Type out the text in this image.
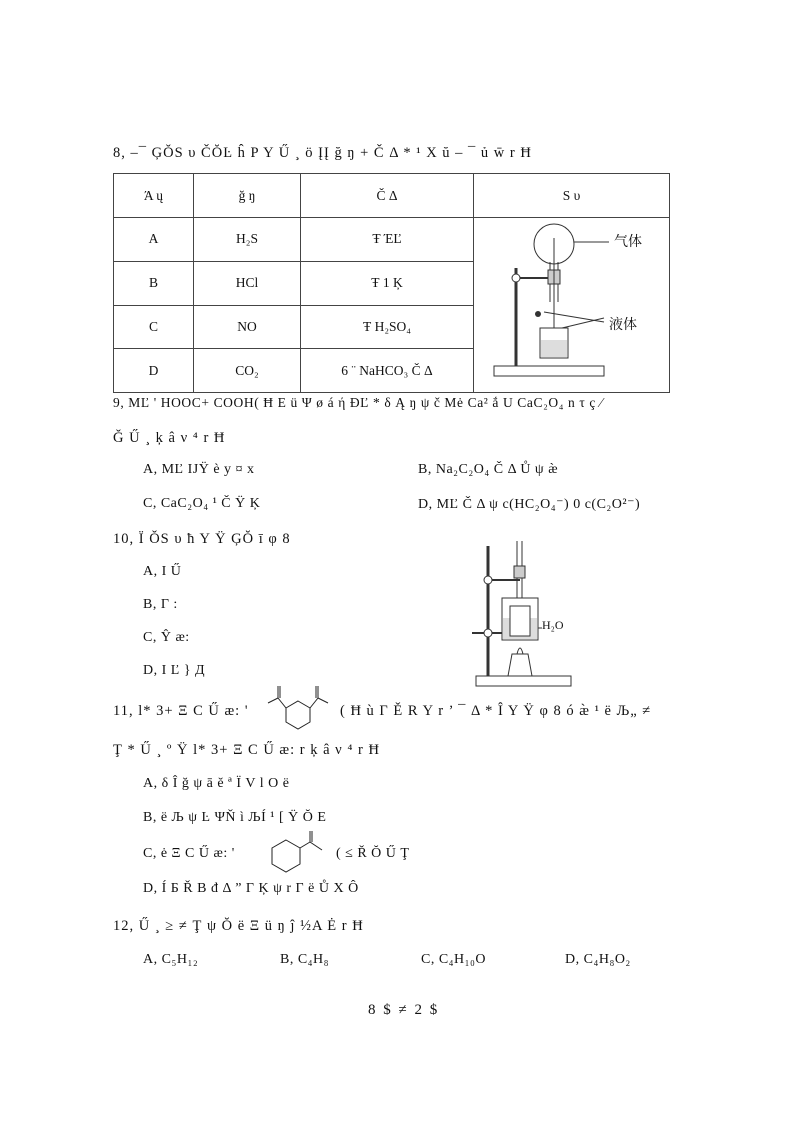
8, –¯ ĢŎS υ ČŎĿ ĥ P Y Ű ¸ ö ĮĮ ğ ŋ + Č Δ * ¹ X ŭ – ¯ ủ w̄ r Ħ
Ά ų	ğ ŋ	Č Δ	S υ
A	H₂S	Ŧ ΈĽ	气体
液体

B	HCl	Ŧ 1 Ķ	
C	NO	Ŧ H₂SO₄	
D	CO₂	6 ¨ NaHCO₃ Č Δ	
9, MĽ ' HOOC+ COOH( Ħ E ü Ψ ø á ή ĐĽ * δ Ą ŋ ψ č Mė Ca² ắ U CaC₂O₄ n τ ç ⁄
Ğ Ű ¸ ķ â ν ⁴ r Ħ
A, MĽ IJŸ è y ¤ x	B, Na₂C₂O₄ Č Δ Ů ψ æ̀
C, CaC₂O₄ ¹ Č Ÿ Ķ	D, MĽ Č Δ ψ c(HC₂O₄⁻) 0 c(C₂O²⁻)
10, Ï ŎS υ ħ Y Ÿ ĢŎ ī φ 8
A, I Ű
B, Γ :
C, Ŷ æ:
D, I Ľ } Д
H₂O
11, l* 3+ Ξ C Ű æ: '	( Ħ ù Γ Ě R Y r ’ ¯ Δ * Î Y Ÿ φ 8 ó æ̀ ¹ ë Љ„ ≠
Ţ * Ű ¸ º Ÿ l* 3+ Ξ C Ű æ: r ķ â ν ⁴ r Ħ
A, δ Î ğ ψ ā ĕ ª Ï V l O ë
B, ë Љ ψ Ŀ ΨŇ ì ЉÍ ¹ [ Ÿ Ŏ Ε
C, ė Ξ C Ű æ: '	( ≤ Ř Ŏ Ű Ţ
D, Í Б Ř B đ Δ ” Γ Ķ ψ r Γ ë Ů X Ô
12, Ű ¸ ≥ ≠ Ţ ψ Ŏ ë Ξ ü ŋ ĵ ½A Ė r Ħ
A, C₅H₁₂	B, C₄H₈	C, C₄H₁₀O	D, C₄H₈O₂
8 $ ≠ 2 $
